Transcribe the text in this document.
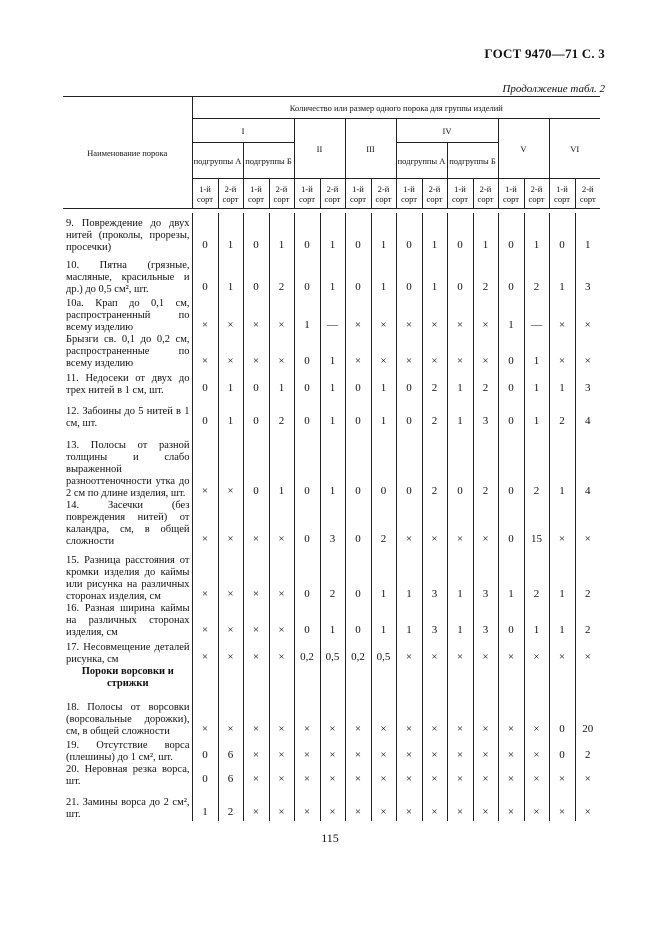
ГОСТ 9470—71 С. 3
Продолжение табл. 2
Наименование порока	Количество или размер одного порока для группы изделий															
	I				II		III		IV				V		VI	
	подгруппы А		подгруппы Б						подгруппы А		подгруппы Б					
	1-й сорт	2-й сорт	1-й сорт	2-й сорт	1-й сорт	2-й сорт	1-й сорт	2-й сорт	1-й сорт	2-й сорт	1-й сорт	2-й сорт	1-й сорт	2-й сорт	1-й сорт	2-й сорт

9. Повреждение до двух нитей (проколы, прорезы, просечки)	0	1	0	1	0	1	0	1	0	1	0	1	0	1	0	1
10. Пятна (грязные, масляные, красильные и др.) до 0,5 см², шт.	0	1	0	2	0	1	0	1	0	1	0	2	0	2	1	3
10а. Крап до 0,1 см, распространенный по всему изделию	×	×	×	×	1	—	×	×	×	×	×	×	1	—	×	×
Брызги св. 0,1 до 0,2 см, распространенные по всему изделию	×	×	×	×	0	1	×	×	×	×	×	×	0	1	×	×
11. Недосеки от двух до трех нитей в 1 см, шт.	0	1	0	1	0	1	0	1	0	2	1	2	0	1	1	3
12. Забоины до 5 нитей в 1 см, шт.	0	1	0	2	0	1	0	1	0	2	1	3	0	1	2	4
13. Полосы от разной толщины и слабо выраженной разнооттеночности утка до 2 см по длине изделия, шт.	×	×	0	1	0	1	0	0	0	2	0	2	0	2	1	4
14. Засечки (без повреждения нитей) от каландра, см, в общей сложности	×	×	×	×	0	3	0	2	×	×	×	×	0	15	×	×
15. Разница расстояния от кромки изделия до каймы или рисунка на различных сторонах изделия, см	×	×	×	×	0	2	0	1	1	3	1	3	1	2	1	2
16. Разная ширина каймы на различных сторонах изделия, см	×	×	×	×	0	1	0	1	1	3	1	3	0	1	1	2
17. Несовмещение деталей рисунка, см	×	×	×	×	0,2	0,5	0,2	0,5	×	×	×	×	×	×	×	×
Пороки ворсовки и стрижки																
18. Полосы от ворсовки (ворсовальные дорожки), см, в общей сложности	×	×	×	×	×	×	×	×	×	×	×	×	×	×	0	20
19. Отсутствие ворса (плешины) до 1 см², шт.	0	6	×	×	×	×	×	×	×	×	×	×	×	×	0	2
20. Неровная резка ворса, шт.	0	6	×	×	×	×	×	×	×	×	×	×	×	×	×	×
21. Замины ворса до 2 см², шт.	1	2	×	×	×	×	×	×	×	×	×	×	×	×	×	×
115
